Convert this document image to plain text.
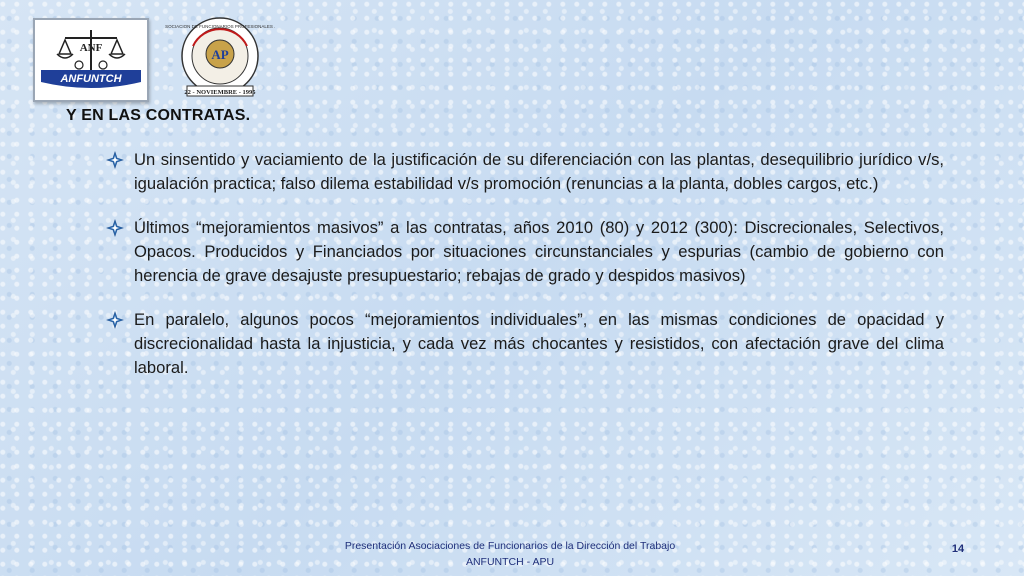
ANF
ANFUNTCH
ASOCIACION DE FUNCIONARIOS PROFESIONALES ...
AP
22 - NOVIEMBRE - 1995
Y EN LAS CONTRATAS.
Un sinsentido y vaciamiento de la justificación de su diferenciación con las plantas, desequilibrio jurídico v/s, igualación practica; falso dilema estabilidad v/s promoción (renuncias a la planta, dobles cargos, etc.)
Últimos “mejoramientos masivos” a las contratas, años 2010 (80) y 2012 (300): Discrecionales, Selectivos, Opacos. Producidos y Financiados por situaciones circunstanciales y espurias (cambio de gobierno con herencia de grave desajuste presupuestario; rebajas de grado y despidos masivos)
En paralelo, algunos pocos “mejoramientos individuales”, en las mismas condiciones de opacidad y discrecionalidad hasta la injusticia, y cada vez más chocantes y resistidos, con afectación grave del clima laboral.
Presentación Asociaciones de Funcionarios de la Dirección del Trabajo
ANFUNTCH - APU
14
